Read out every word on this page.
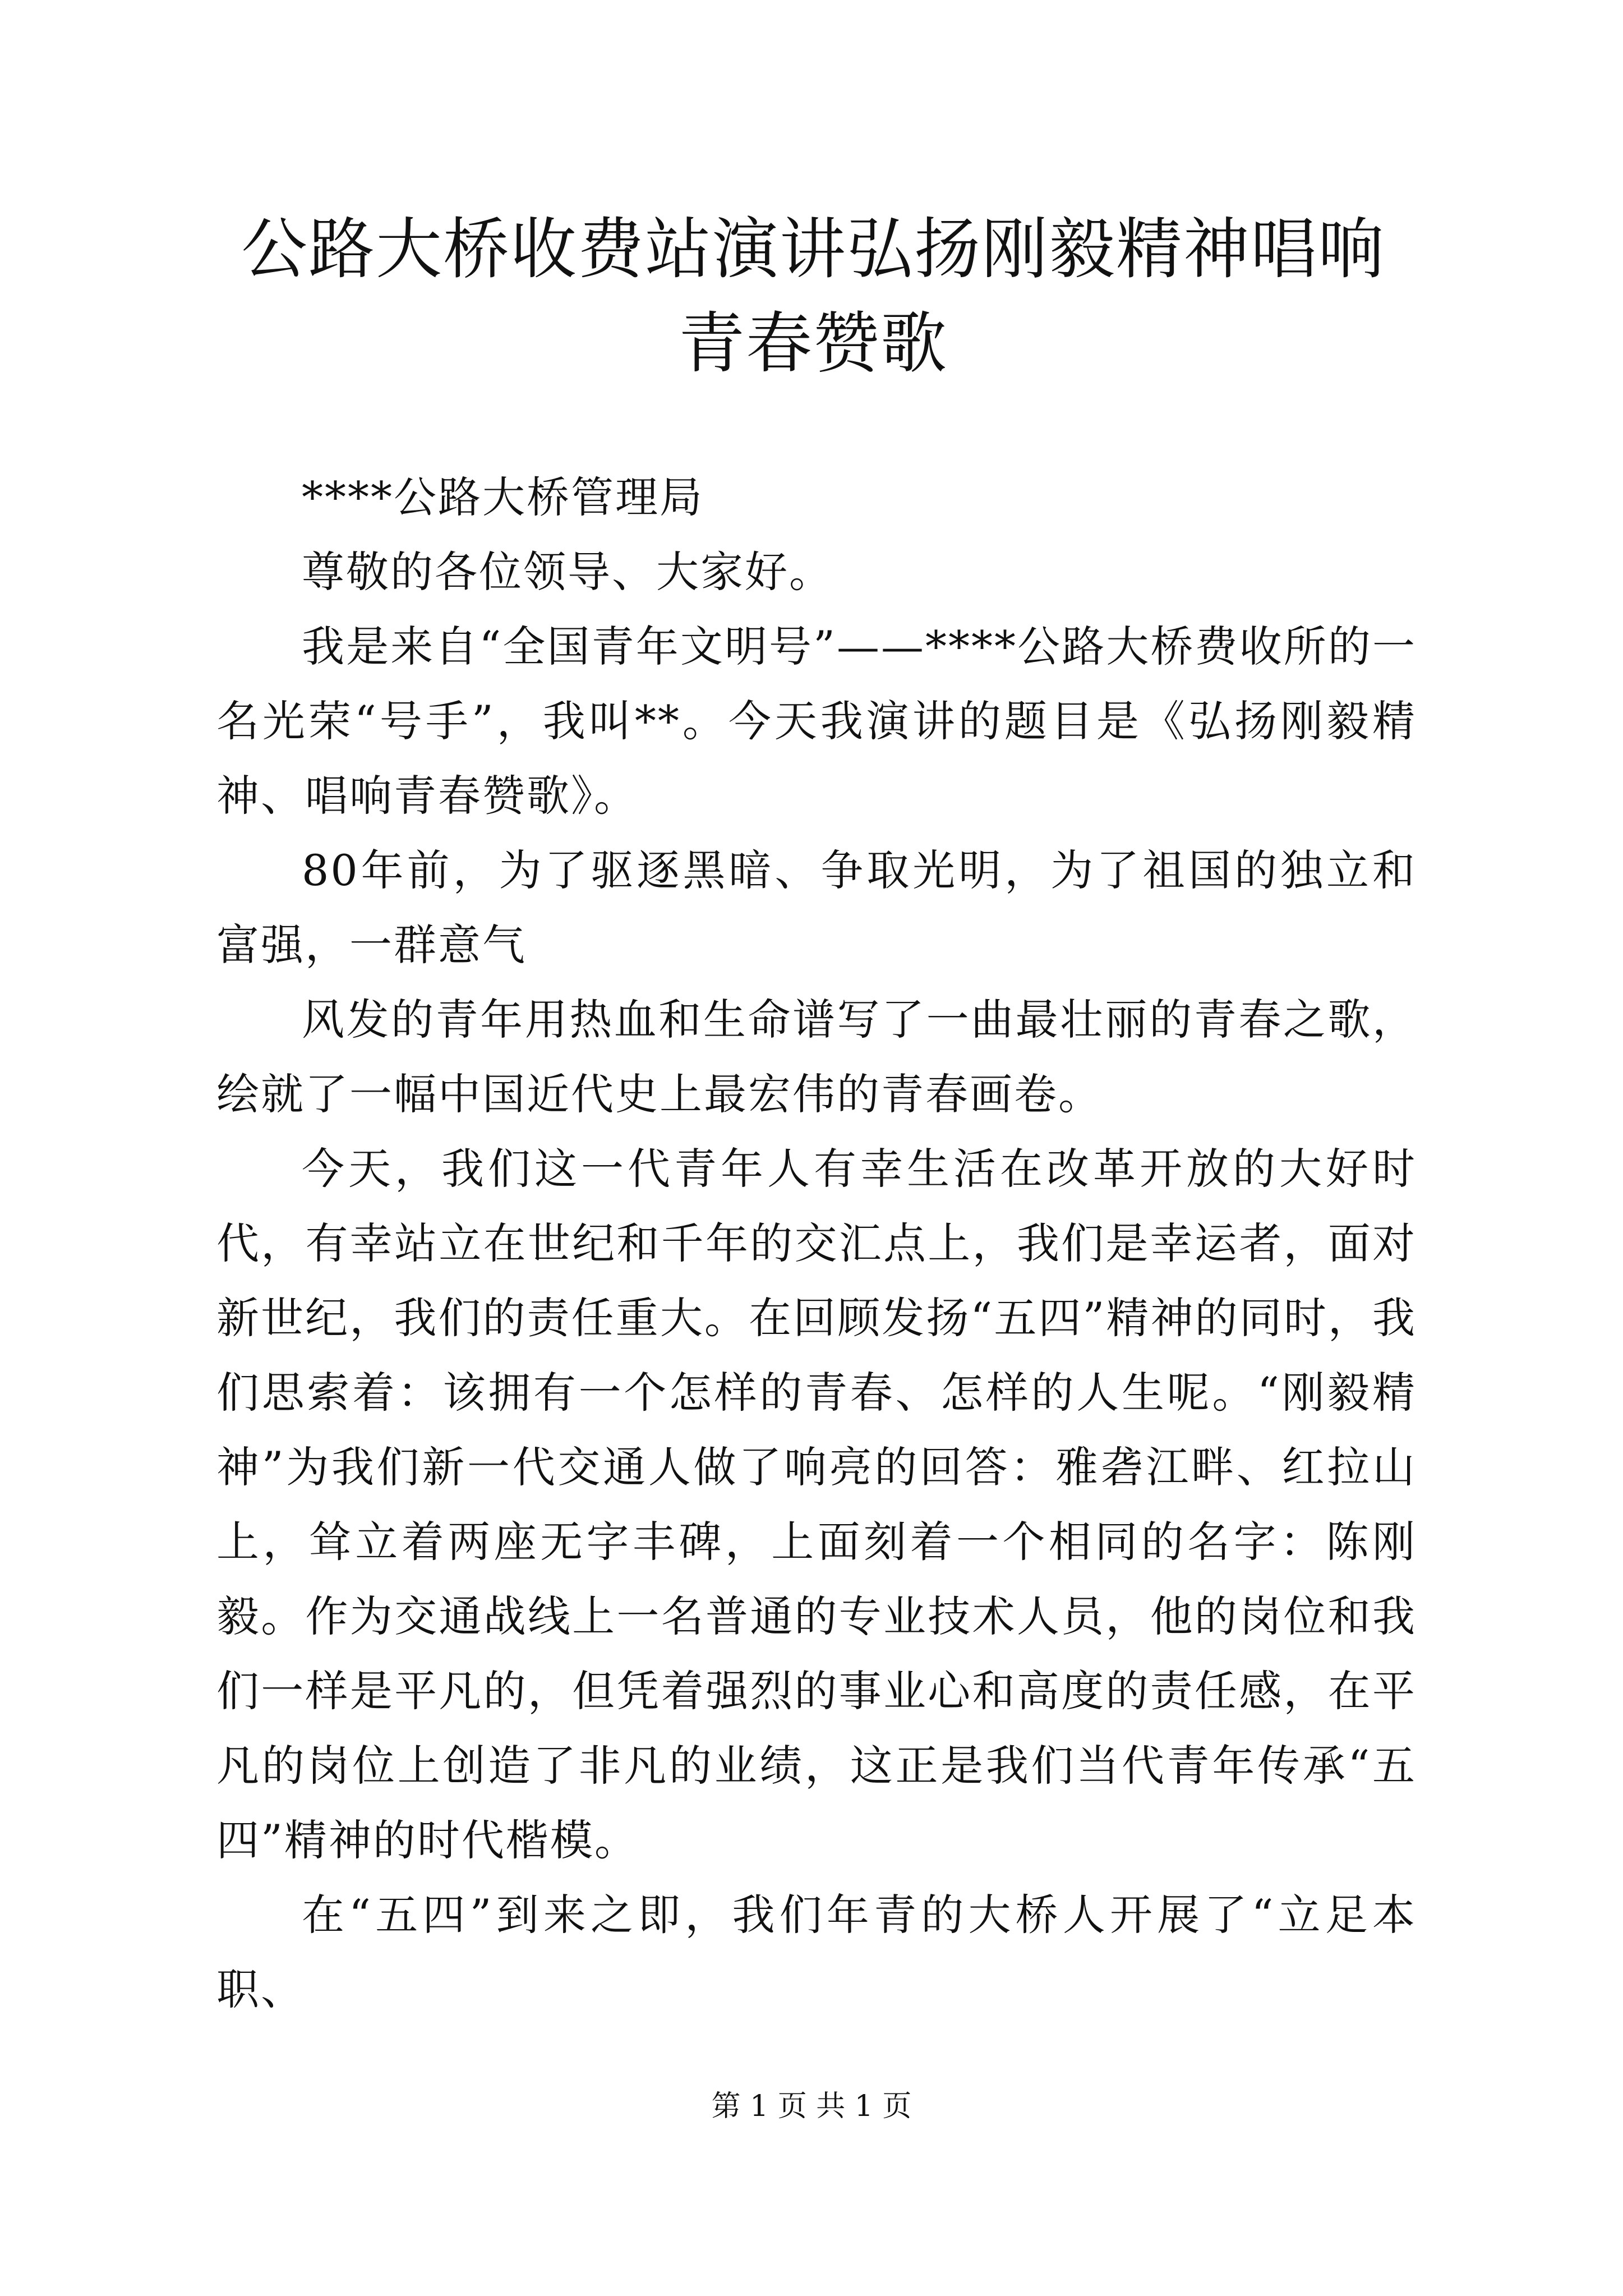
公路大桥收费站演讲弘扬刚毅精神唱响青春赞歌

****公路大桥管理局

尊敬的各位领导、大家好。

我是来自“全国青年文明号”——****公路大桥费收所的一名光荣“号手”，我叫**。今天我演讲的题目是《弘扬刚毅精神、唱响青春赞歌》。

80年前，为了驱逐黑暗、争取光明，为了祖国的独立和富强，一群意气

风发的青年用热血和生命谱写了一曲最壮丽的青春之歌，绘就了一幅中国近代史上最宏伟的青春画卷。

今天，我们这一代青年人有幸生活在改革开放的大好时代，有幸站立在世纪和千年的交汇点上，我们是幸运者，面对新世纪，我们的责任重大。在回顾发扬“五四”精神的同时，我们思索着：该拥有一个怎样的青春、怎样的人生呢。“刚毅精神”为我们新一代交通人做了响亮的回答：雅砻江畔、红拉山上，耸立着两座无字丰碑，上面刻着一个相同的名字：陈刚毅。作为交通战线上一名普通的专业技术人员，他的岗位和我们一样是平凡的，但凭着强烈的事业心和高度的责任感，在平凡的岗位上创造了非凡的业绩，这正是我们当代青年传承“五四”精神的时代楷模。

在“五四”到来之即，我们年青的大桥人开展了“立足本职、

第 1 页 共 1 页
